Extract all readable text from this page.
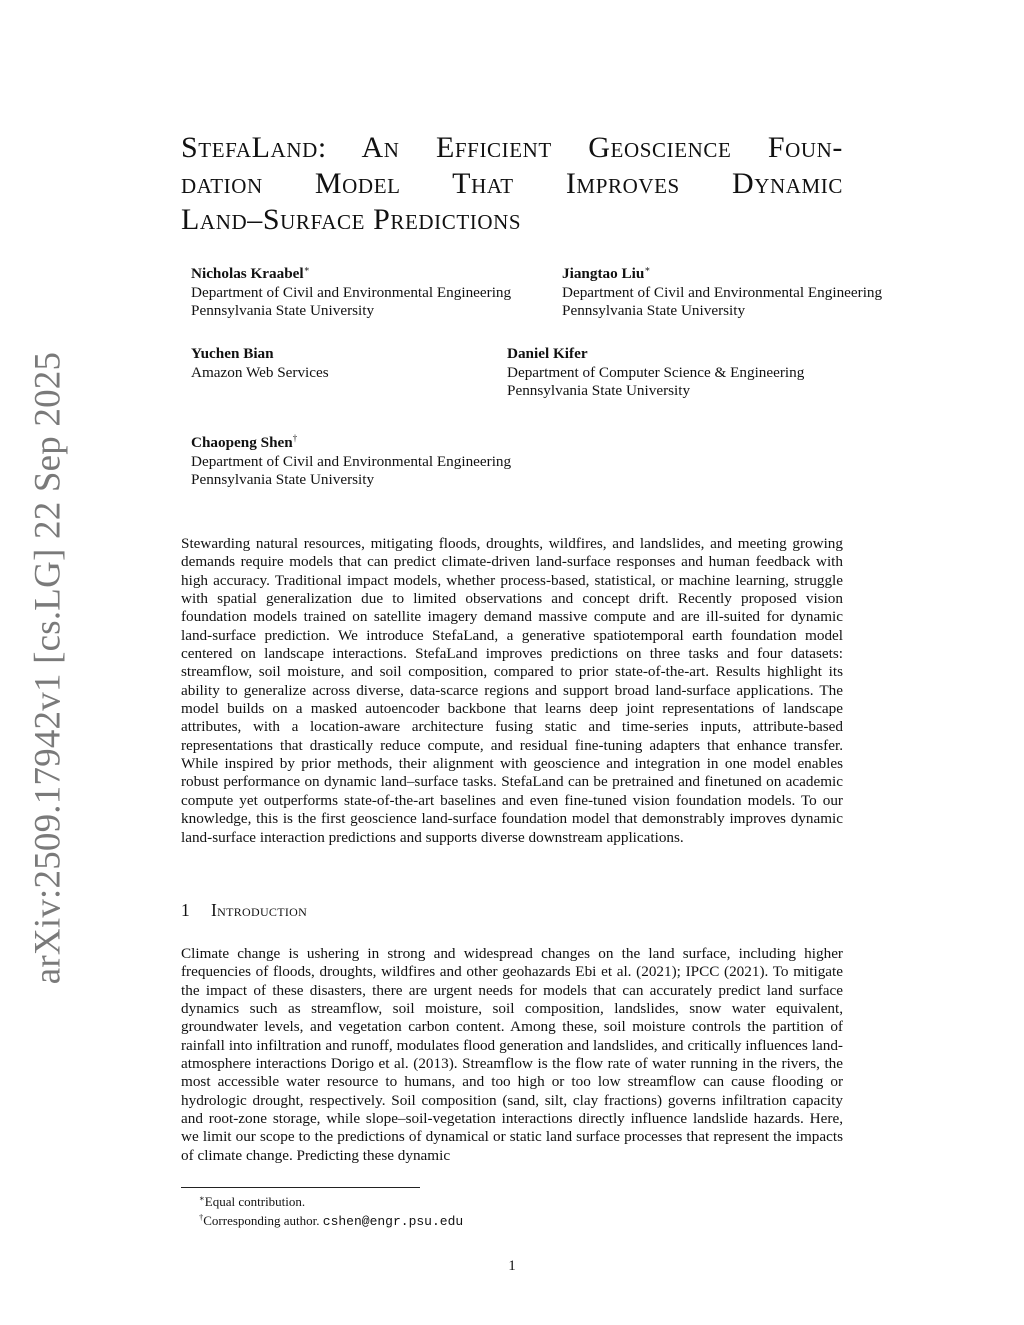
arXiv:2509.17942v1 [cs.LG] 22 Sep 2025
StefaLand: An Efficient Geoscience Foun-
dation Model That Improves Dynamic
Land–Surface Predictions
Nicholas Kraabel∗
Department of Civil and Environmental Engineering
Pennsylvania State University
Jiangtao Liu∗
Department of Civil and Environmental Engineering
Pennsylvania State University
Yuchen Bian
Amazon Web Services
Daniel Kifer
Department of Computer Science & Engineering
Pennsylvania State University
Chaopeng Shen†
Department of Civil and Environmental Engineering
Pennsylvania State University
Stewarding natural resources, mitigating floods, droughts, wildfires, and landslides, and meeting growing demands require models that can predict climate-driven land-surface responses and human feedback with high accuracy. Traditional impact models, whether process-based, statistical, or machine learning, struggle with spatial generalization due to limited observations and concept drift. Recently proposed vision foundation models trained on satellite imagery demand massive compute and are ill-suited for dynamic land-surface prediction. We introduce StefaLand, a generative spatiotemporal earth foundation model centered on landscape interactions. StefaLand improves predictions on three tasks and four datasets: streamflow, soil moisture, and soil composition, compared to prior state-of-the-art. Results highlight its ability to generalize across diverse, data-scarce regions and support broad land-surface applications. The model builds on a masked autoencoder backbone that learns deep joint representations of landscape attributes, with a location-aware architecture fusing static and time-series inputs, attribute-based representations that drastically reduce compute, and residual fine-tuning adapters that enhance transfer. While inspired by prior methods, their alignment with geoscience and integration in one model enables robust performance on dynamic land–surface tasks. StefaLand can be pretrained and finetuned on academic compute yet outperforms state-of-the-art baselines and even fine-tuned vision foundation models. To our knowledge, this is the first geoscience land-surface foundation model that demonstrably improves dynamic land-surface interaction predictions and supports diverse downstream applications.
1 Introduction
Climate change is ushering in strong and widespread changes on the land surface, including higher frequencies of floods, droughts, wildfires and other geohazards Ebi et al. (2021); IPCC (2021). To mitigate the impact of these disasters, there are urgent needs for models that can accurately predict land surface dynamics such as streamflow, soil moisture, soil composition, landslides, snow water equivalent, groundwater levels, and vegetation carbon content. Among these, soil moisture controls the partition of rainfall into infiltration and runoff, modulates flood generation and landslides, and critically influences land-atmosphere interactions Dorigo et al. (2013). Streamflow is the flow rate of water running in the rivers, the most accessible water resource to humans, and too high or too low streamflow can cause flooding or hydrologic drought, respectively. Soil composition (sand, silt, clay fractions) governs infiltration capacity and root-zone storage, while slope–soil-vegetation interactions directly influence landslide hazards. Here, we limit our scope to the predictions of dynamical or static land surface processes that represent the impacts of climate change. Predicting these dynamic
∗Equal contribution.
†Corresponding author. cshen@engr.psu.edu
1
